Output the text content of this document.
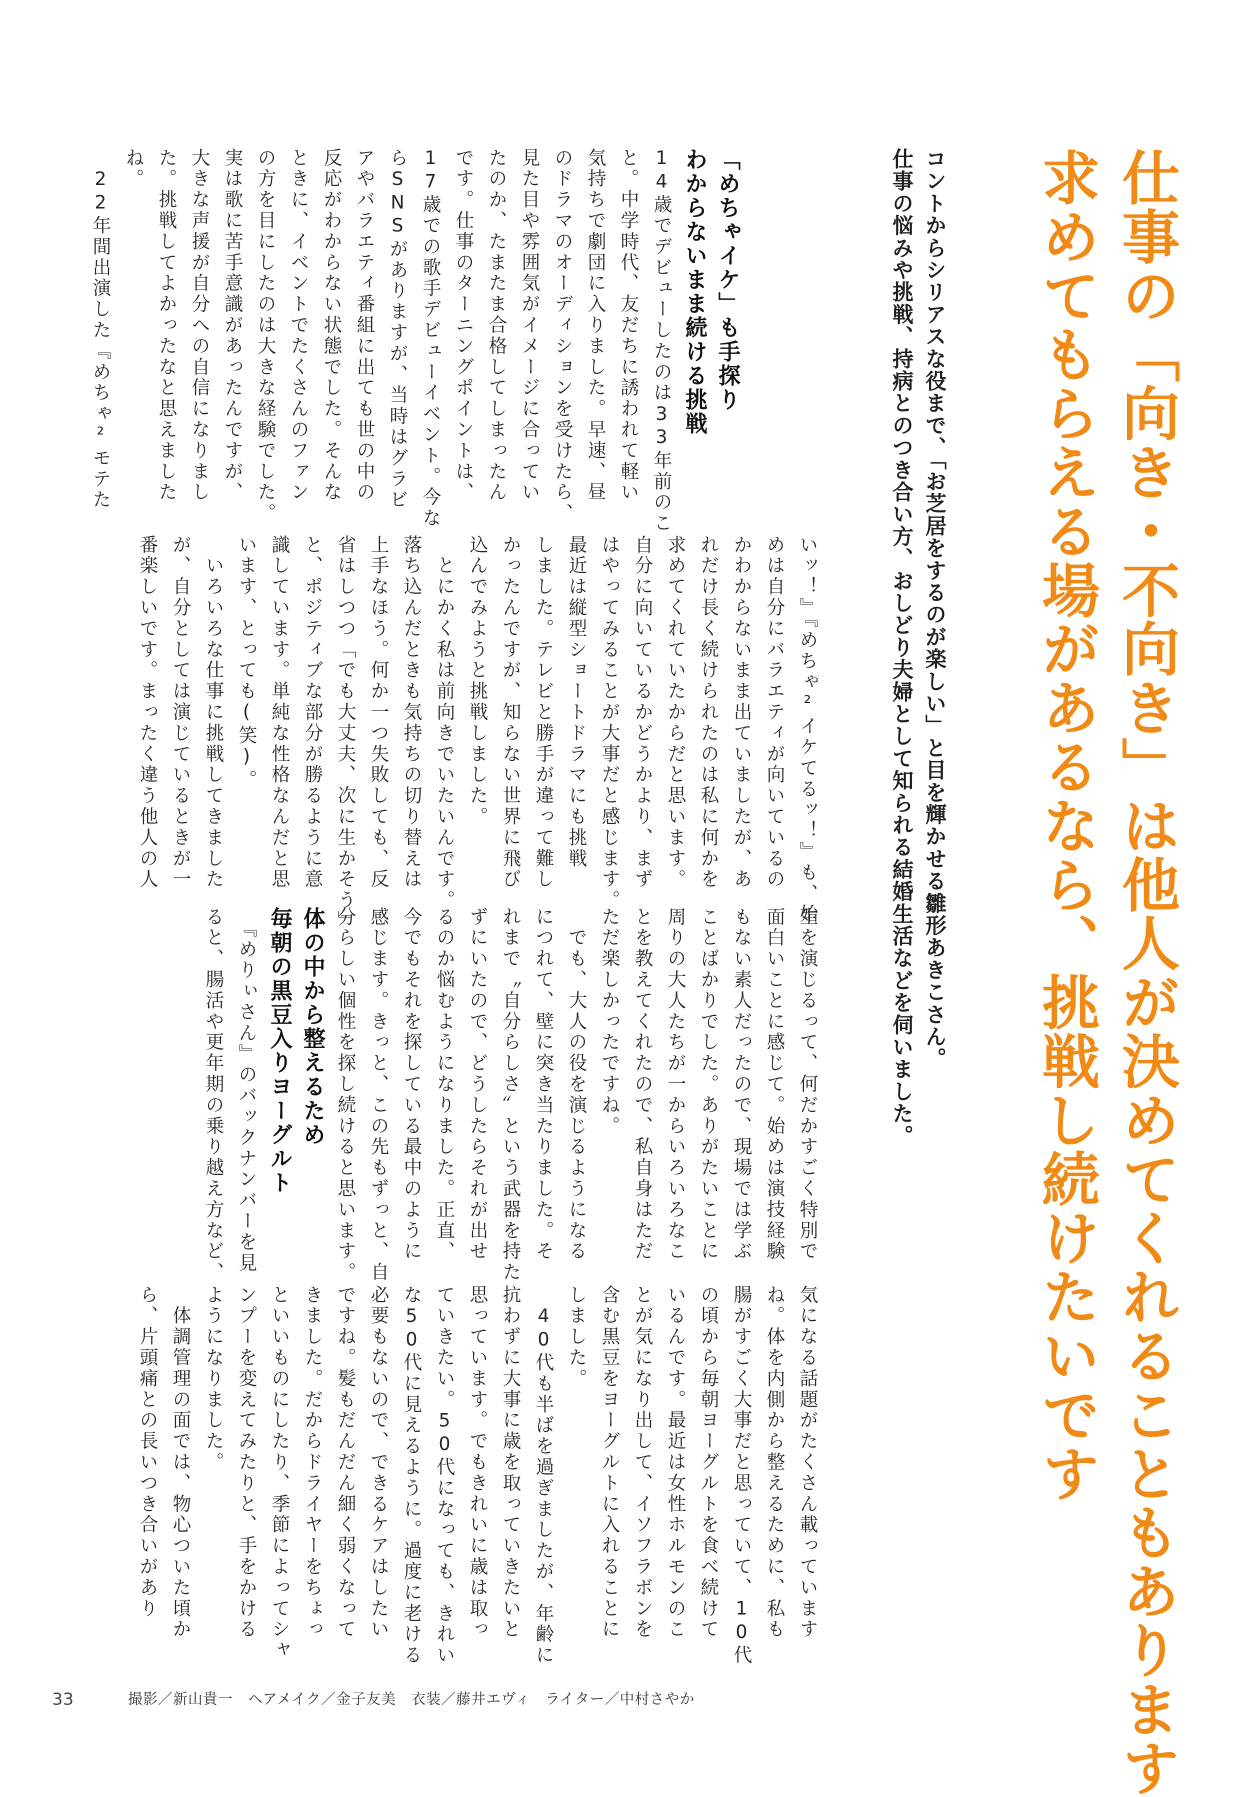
仕事の「向き・不向き」は他人が決めてくれることもあります
求めてもらえる場があるなら、挑戦し続けたいです
コントからシリアスな役まで、「お芝居をするのが楽しい」と目を輝かせる雛形あきこさん。
仕事の悩みや挑戦、持病とのつき合い方、おしどり夫婦として知られる結婚生活などを伺いました。
「めちゃイケ」も手探り
わからないまま続ける挑戦
14歳でデビューしたのは33年前のこ
と。中学時代、友だちに誘われて軽い
気持ちで劇団に入りました。早速、昼
のドラマのオーディションを受けたら、
見た目や雰囲気がイメージに合ってい
たのか、たまたま合格してしまったん
です。仕事のターニングポイントは、
17歳での歌手デビューイベント。今な
らSNSがありますが、当時はグラビ
アやバラエティ番組に出ても世の中の
反応がわからない状態でした。そんな
ときに、イベントでたくさんのファン
の方を目にしたのは大きな経験でした。
実は歌に苦手意識があったんですが、
大きな声援が自分への自信になりまし
た。挑戦してよかったなと思えました
ね。
　22年間出演した『めちゃ²モテた
いッ！』『めちゃ²イケてるッ！』も、始
めは自分にバラエティが向いているの
かわからないまま出ていましたが、あ
れだけ長く続けられたのは私に何かを
求めてくれていたからだと思います。
自分に向いているかどうかより、まず
はやってみることが大事だと感じます。
最近は縦型ショートドラマにも挑戦
しました。テレビと勝手が違って難し
かったんですが、知らない世界に飛び
込んでみようと挑戦しました。
　とにかく私は前向きでいたいんです。
落ち込んだときも気持ちの切り替えは
上手なほう。何か一つ失敗しても、反
省はしつつ「でも大丈夫、次に生かそう」
と、ポジティブな部分が勝るように意
識しています。単純な性格なんだと思
います、とっても(笑)。
　いろいろな仕事に挑戦してきました
が、自分としては演じているときが一
番楽しいです。まったく違う他人の人
生を演じるって、何だかすごく特別で
面白いことに感じて。始めは演技経験
もない素人だったので、現場では学ぶ
ことばかりでした。ありがたいことに
周りの大人たちが一からいろいろなこ
とを教えてくれたので、私自身はただ
ただ楽しかったですね。
　でも、大人の役を演じるようになる
につれて、壁に突き当たりました。そ
れまで〝自分らしさ〟という武器を持た
ずにいたので、どうしたらそれが出せ
るのか悩むようになりました。正直、
今でもそれを探している最中のように
感じます。きっと、この先もずっと、自
分らしい個性を探し続けると思います。
体の中から整えるため
毎朝の黒豆入りヨーグルト
　『めりぃさん』のバックナンバーを見
ると、腸活や更年期の乗り越え方など、
気になる話題がたくさん載っています
ね。体を内側から整えるために、私も
腸がすごく大事だと思っていて、10代
の頃から毎朝ヨーグルトを食べ続けて
いるんです。最近は女性ホルモンのこ
とが気になり出して、イソフラボンを
含む黒豆をヨーグルトに入れることに
しました。
　40代も半ばを過ぎましたが、年齢に
抗わずに大事に歳を取っていきたいと
思っています。でもきれいに歳は取っ
ていきたい。50代になっても、きれい
な50代に見えるように。過度に老ける
必要もないので、できるケアはしたい
ですね。髪もだんだん細く弱くなって
きました。だからドライヤーをちょっ
といいものにしたり、季節によってシャ
ンプーを変えてみたりと、手をかける
ようになりました。
　体調管理の面では、物心ついた頃か
ら、片頭痛との長いつき合いがあり
33	撮影／新山貴一　ヘアメイク／金子友美　衣装／藤井エヴィ　ライター／中村さやか
